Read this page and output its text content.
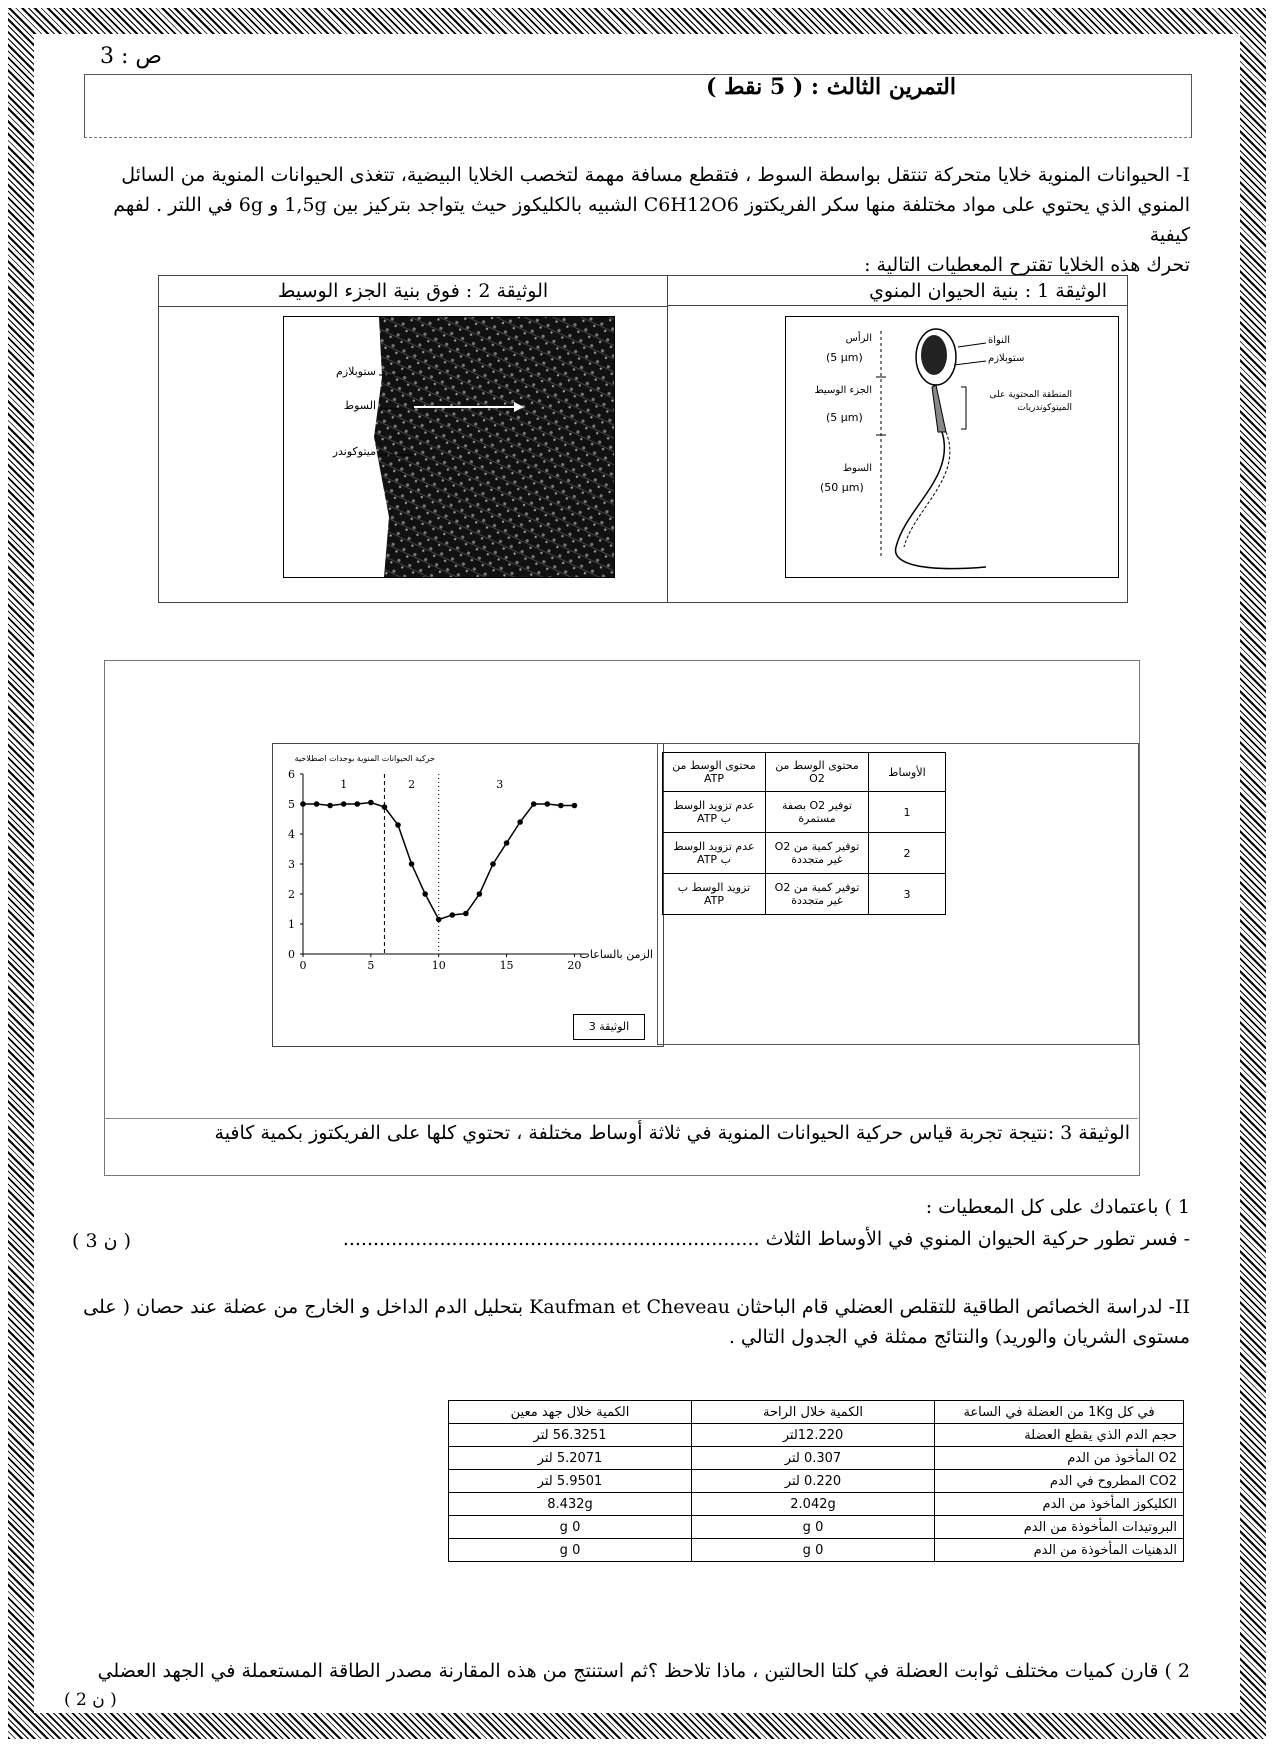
ص : 3
التمرين الثالث : ( 5 نقط )
I- الحيوانات المنوية خلايا متحركة تنتقل بواسطة السوط ، فتقطع مسافة مهمة لتخصب الخلايا البيضية، تتغذى الحيوانات المنوية من السائل
المنوي الذي يحتوي على مواد مختلفة منها سكر الفريكتوز C6H12O6 الشبيه بالكليكوز حيث يتواجد بتركيز بين 1,5g و 6g في اللتر . لفهم كيفية
تحرك هذه الخلايا تقترح المعطيات التالية :
الوثيقة 2 : فوق بنية الجزء الوسيط	الوثيقة 1 : بنية الحيوان المنوي
ستوبلازم
السوط
ميتوكوندر
الرأس
(5 µm)
الجزء الوسيط
(5 µm)
السوط
(50 µm)
النواة
ستوبلازم
المنطقة المحتوية على الميتوكوندريات
0
1
2
3
4
5
6
0	5	10	15	20
1	2	3
حركية الحيوانات المنوية بوحدات اصطلاحية
الزمن بالساعات
الوثيقة 3
الأوساط	محتوى الوسط من O2	محتوى الوسط من ATP
1	توفير O2 بصفة مستمرة	عدم تزويد الوسط ب ATP
2	توفير كمية من O2 غير متجددة	عدم تزويد الوسط ب ATP
3	توفير كمية من O2 غير متجددة	تزويد الوسط ب ATP
الوثيقة 3 :نتيجة تجربة قياس حركية الحيوانات المنوية في ثلاثة أوساط مختلفة ، تحتوي كلها على الفريكتوز بكمية كافية
1 ) باعتمادك على كل المعطيات :
- فسر تطور حركية الحيوان المنوي في الأوساط الثلاث .....................................................................
( 3 ن )
II- لدراسة الخصائص الطاقية للتقلص العضلي قام الباحثان Kaufman et Cheveau بتحليل الدم الداخل و الخارج من عضلة عند حصان ( على
مستوى الشريان والوريد) والنتائج ممثلة في الجدول التالي .
في كل 1Kg من العضلة في الساعة	الكمية خلال الراحة	الكمية خلال جهد معين
حجم الدم الذي يقطع العضلة	12.220لتر	56.3251 لتر
O2 المأخوذ من الدم	0.307 لتر	5.2071 لتر
CO2 المطروح في الدم	0.220 لتر	5.9501 لتر
الكليكوز المأخوذ من الدم	2.042g	8.432g
البروتيدات المأخوذة من الدم	0 g	0 g
الدهنيات المأخوذة من الدم	0 g	0 g
2 ) قارن كميات مختلف ثوابت العضلة في كلتا الحالتين ، ماذا تلاحظ ؟ثم استنتج من هذه المقارنة مصدر الطاقة المستعملة في الجهد العضلي
( 2 ن )
